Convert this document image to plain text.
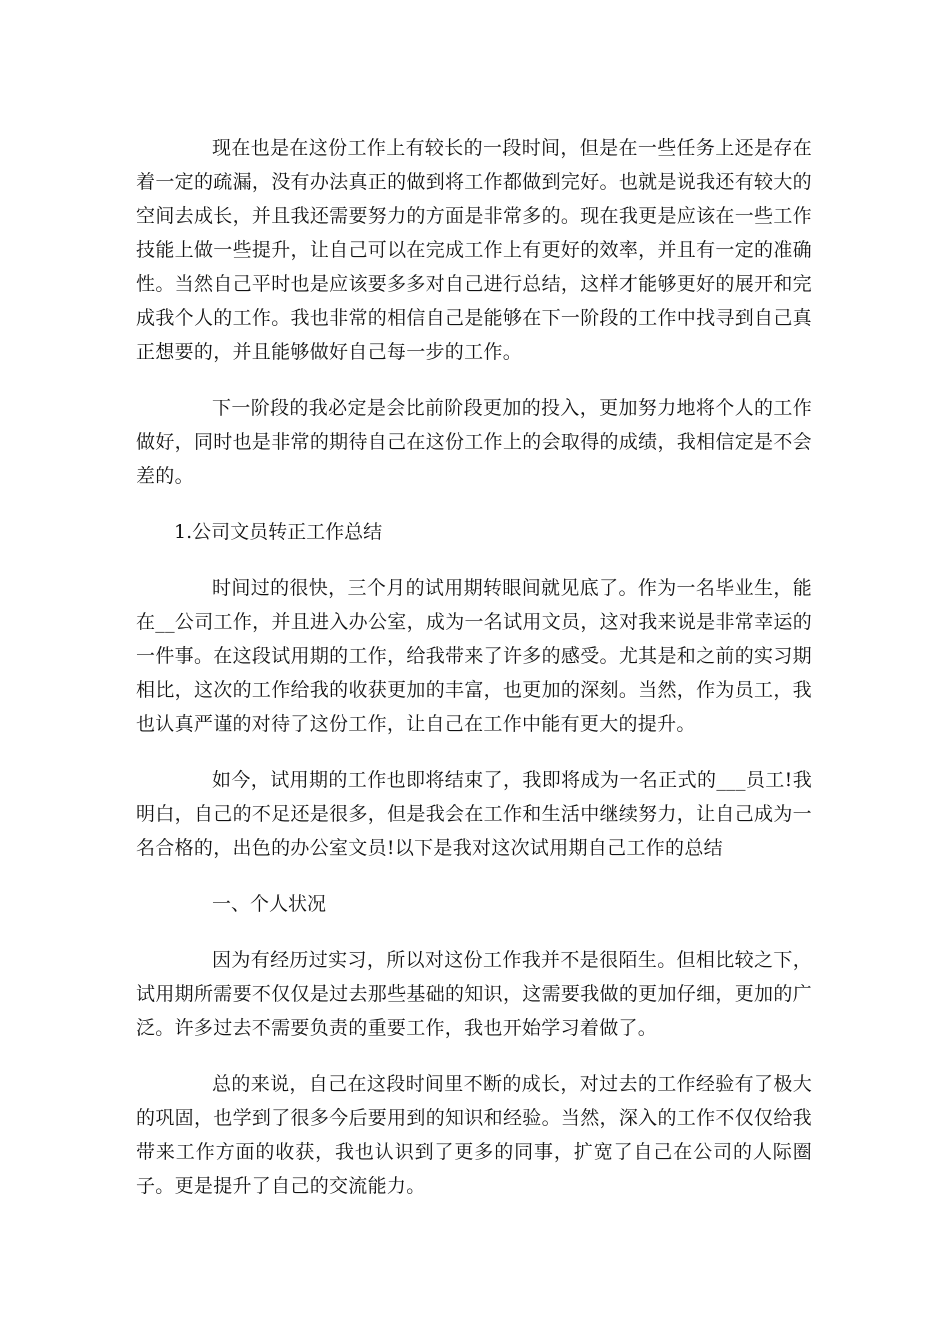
现在也是在这份工作上有较长的一段时间，但是在一些任务上还是存在着一定的疏漏，没有办法真正的做到将工作都做到完好。也就是说我还有较大的空间去成长，并且我还需要努力的方面是非常多的。现在我更是应该在一些工作技能上做一些提升，让自己可以在完成工作上有更好的效率，并且有一定的准确性。当然自己平时也是应该要多多对自己进行总结，这样才能够更好的展开和完成我个人的工作。我也非常的相信自己是能够在下一阶段的工作中找寻到自己真正想要的，并且能够做好自己每一步的工作。

下一阶段的我必定是会比前阶段更加的投入，更加努力地将个人的工作做好，同时也是非常的期待自己在这份工作上的会取得的成绩，我相信定是不会差的。

1.公司文员转正工作总结

时间过的很快，三个月的试用期转眼间就见底了。作为一名毕业生，能在__公司工作，并且进入办公室，成为一名试用文员，这对我来说是非常幸运的一件事。在这段试用期的工作，给我带来了许多的感受。尤其是和之前的实习期相比，这次的工作给我的收获更加的丰富，也更加的深刻。当然，作为员工，我也认真严谨的对待了这份工作，让自己在工作中能有更大的提升。

如今，试用期的工作也即将结束了，我即将成为一名正式的___员工!我明白，自己的不足还是很多，但是我会在工作和生活中继续努力，让自己成为一名合格的，出色的办公室文员!以下是我对这次试用期自己工作的总结

一、个人状况

因为有经历过实习，所以对这份工作我并不是很陌生。但相比较之下，试用期所需要不仅仅是过去那些基础的知识，这需要我做的更加仔细，更加的广泛。许多过去不需要负责的重要工作，我也开始学习着做了。

总的来说，自己在这段时间里不断的成长，对过去的工作经验有了极大的巩固，也学到了很多今后要用到的知识和经验。当然，深入的工作不仅仅给我带来工作方面的收获，我也认识到了更多的同事，扩宽了自己在公司的人际圈子。更是提升了自己的交流能力。
